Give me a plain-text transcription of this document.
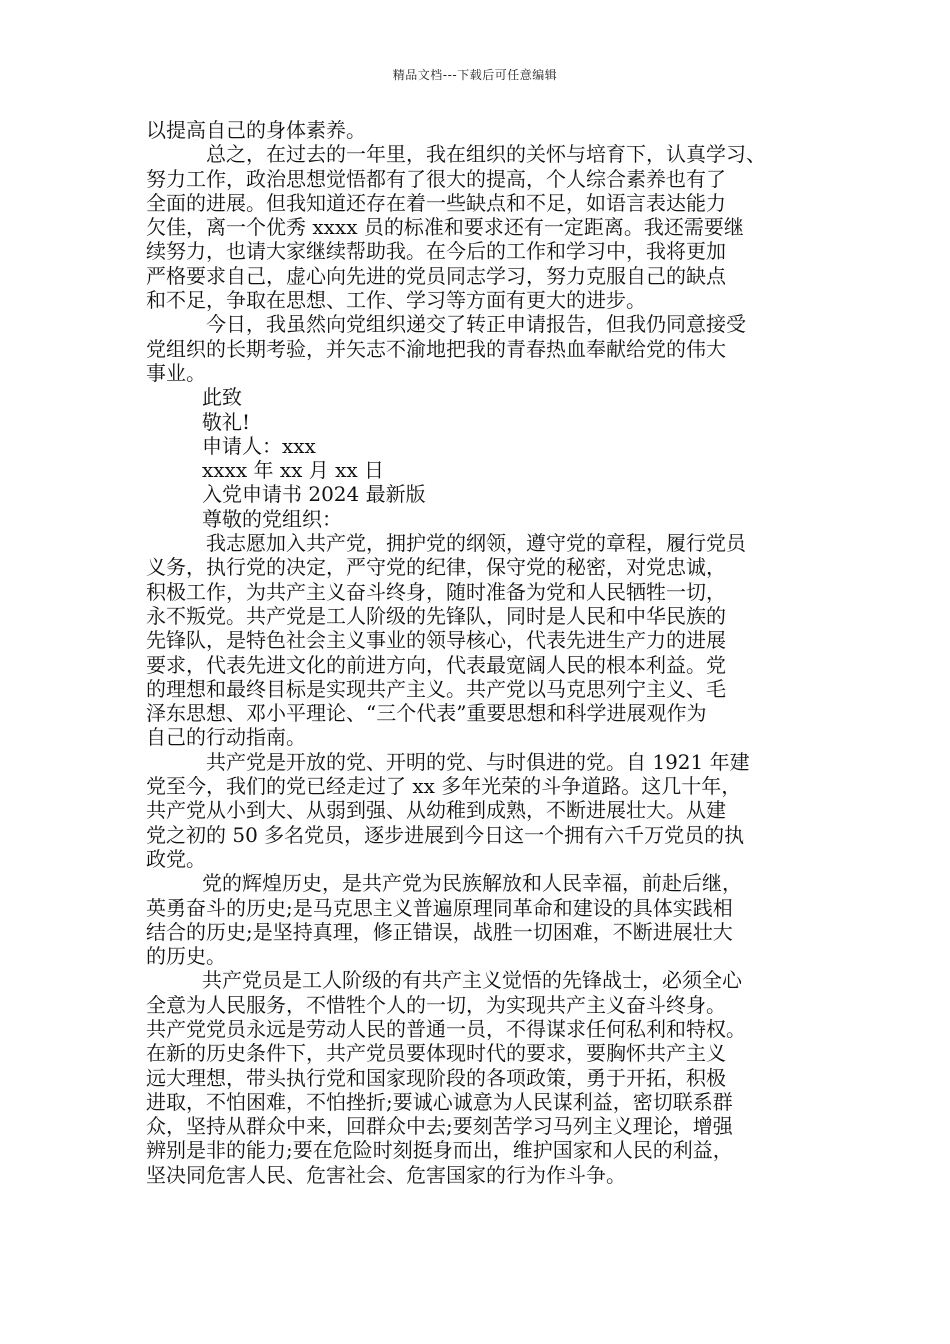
精品文档---下载后可任意编辑
以提高自己的身体素养。
总之，在过去的一年里，我在组织的关怀与培育下，认真学习、
努力工作，政治思想觉悟都有了很大的提高，个人综合素养也有了
全面的进展。但我知道还存在着一些缺点和不足，如语言表达能力
欠佳，离一个优秀 xxxx 员的标准和要求还有一定距离。我还需要继
续努力，也请大家继续帮助我。在今后的工作和学习中，我将更加
严格要求自己，虚心向先进的党员同志学习，努力克服自己的缺点
和不足，争取在思想、工作、学习等方面有更大的进步。
今日，我虽然向党组织递交了转正申请报告，但我仍同意接受
党组织的长期考验，并矢志不渝地把我的青春热血奉献给党的伟大
事业。
此致
敬礼!
申请人：xxx
xxxx 年 xx 月 xx 日
入党申请书 2024 最新版
尊敬的党组织：
我志愿加入共产党，拥护党的纲领，遵守党的章程，履行党员
义务，执行党的决定，严守党的纪律，保守党的秘密，对党忠诚，
积极工作，为共产主义奋斗终身，随时准备为党和人民牺牲一切，
永不叛党。共产党是工人阶级的先锋队，同时是人民和中华民族的
先锋队，是特色社会主义事业的领导核心，代表先进生产力的进展
要求，代表先进文化的前进方向，代表最宽阔人民的根本利益。党
的理想和最终目标是实现共产主义。共产党以马克思列宁主义、毛
泽东思想、邓小平理论、“三个代表”重要思想和科学进展观作为
自己的行动指南。
共产党是开放的党、开明的党、与时俱进的党。自 1921 年建
党至今，我们的党已经走过了 xx 多年光荣的斗争道路。这几十年，
共产党从小到大、从弱到强、从幼稚到成熟，不断进展壮大。从建
党之初的 50 多名党员，逐步进展到今日这一个拥有六千万党员的执
政党。
党的辉煌历史，是共产党为民族解放和人民幸福，前赴后继，
英勇奋斗的历史;是马克思主义普遍原理同革命和建设的具体实践相
结合的历史;是坚持真理，修正错误，战胜一切困难，不断进展壮大
的历史。
共产党员是工人阶级的有共产主义觉悟的先锋战士，必须全心
全意为人民服务，不惜牲个人的一切，为实现共产主义奋斗终身。
共产党党员永远是劳动人民的普通一员，不得谋求任何私利和特权。
在新的历史条件下，共产党员要体现时代的要求，要胸怀共产主义
远大理想，带头执行党和国家现阶段的各项政策，勇于开拓，积极
进取，不怕困难，不怕挫折;要诚心诚意为人民谋利益，密切联系群
众，坚持从群众中来，回群众中去;要刻苦学习马列主义理论，增强
辨别是非的能力;要在危险时刻挺身而出，维护国家和人民的利益，
坚决同危害人民、危害社会、危害国家的行为作斗争。
